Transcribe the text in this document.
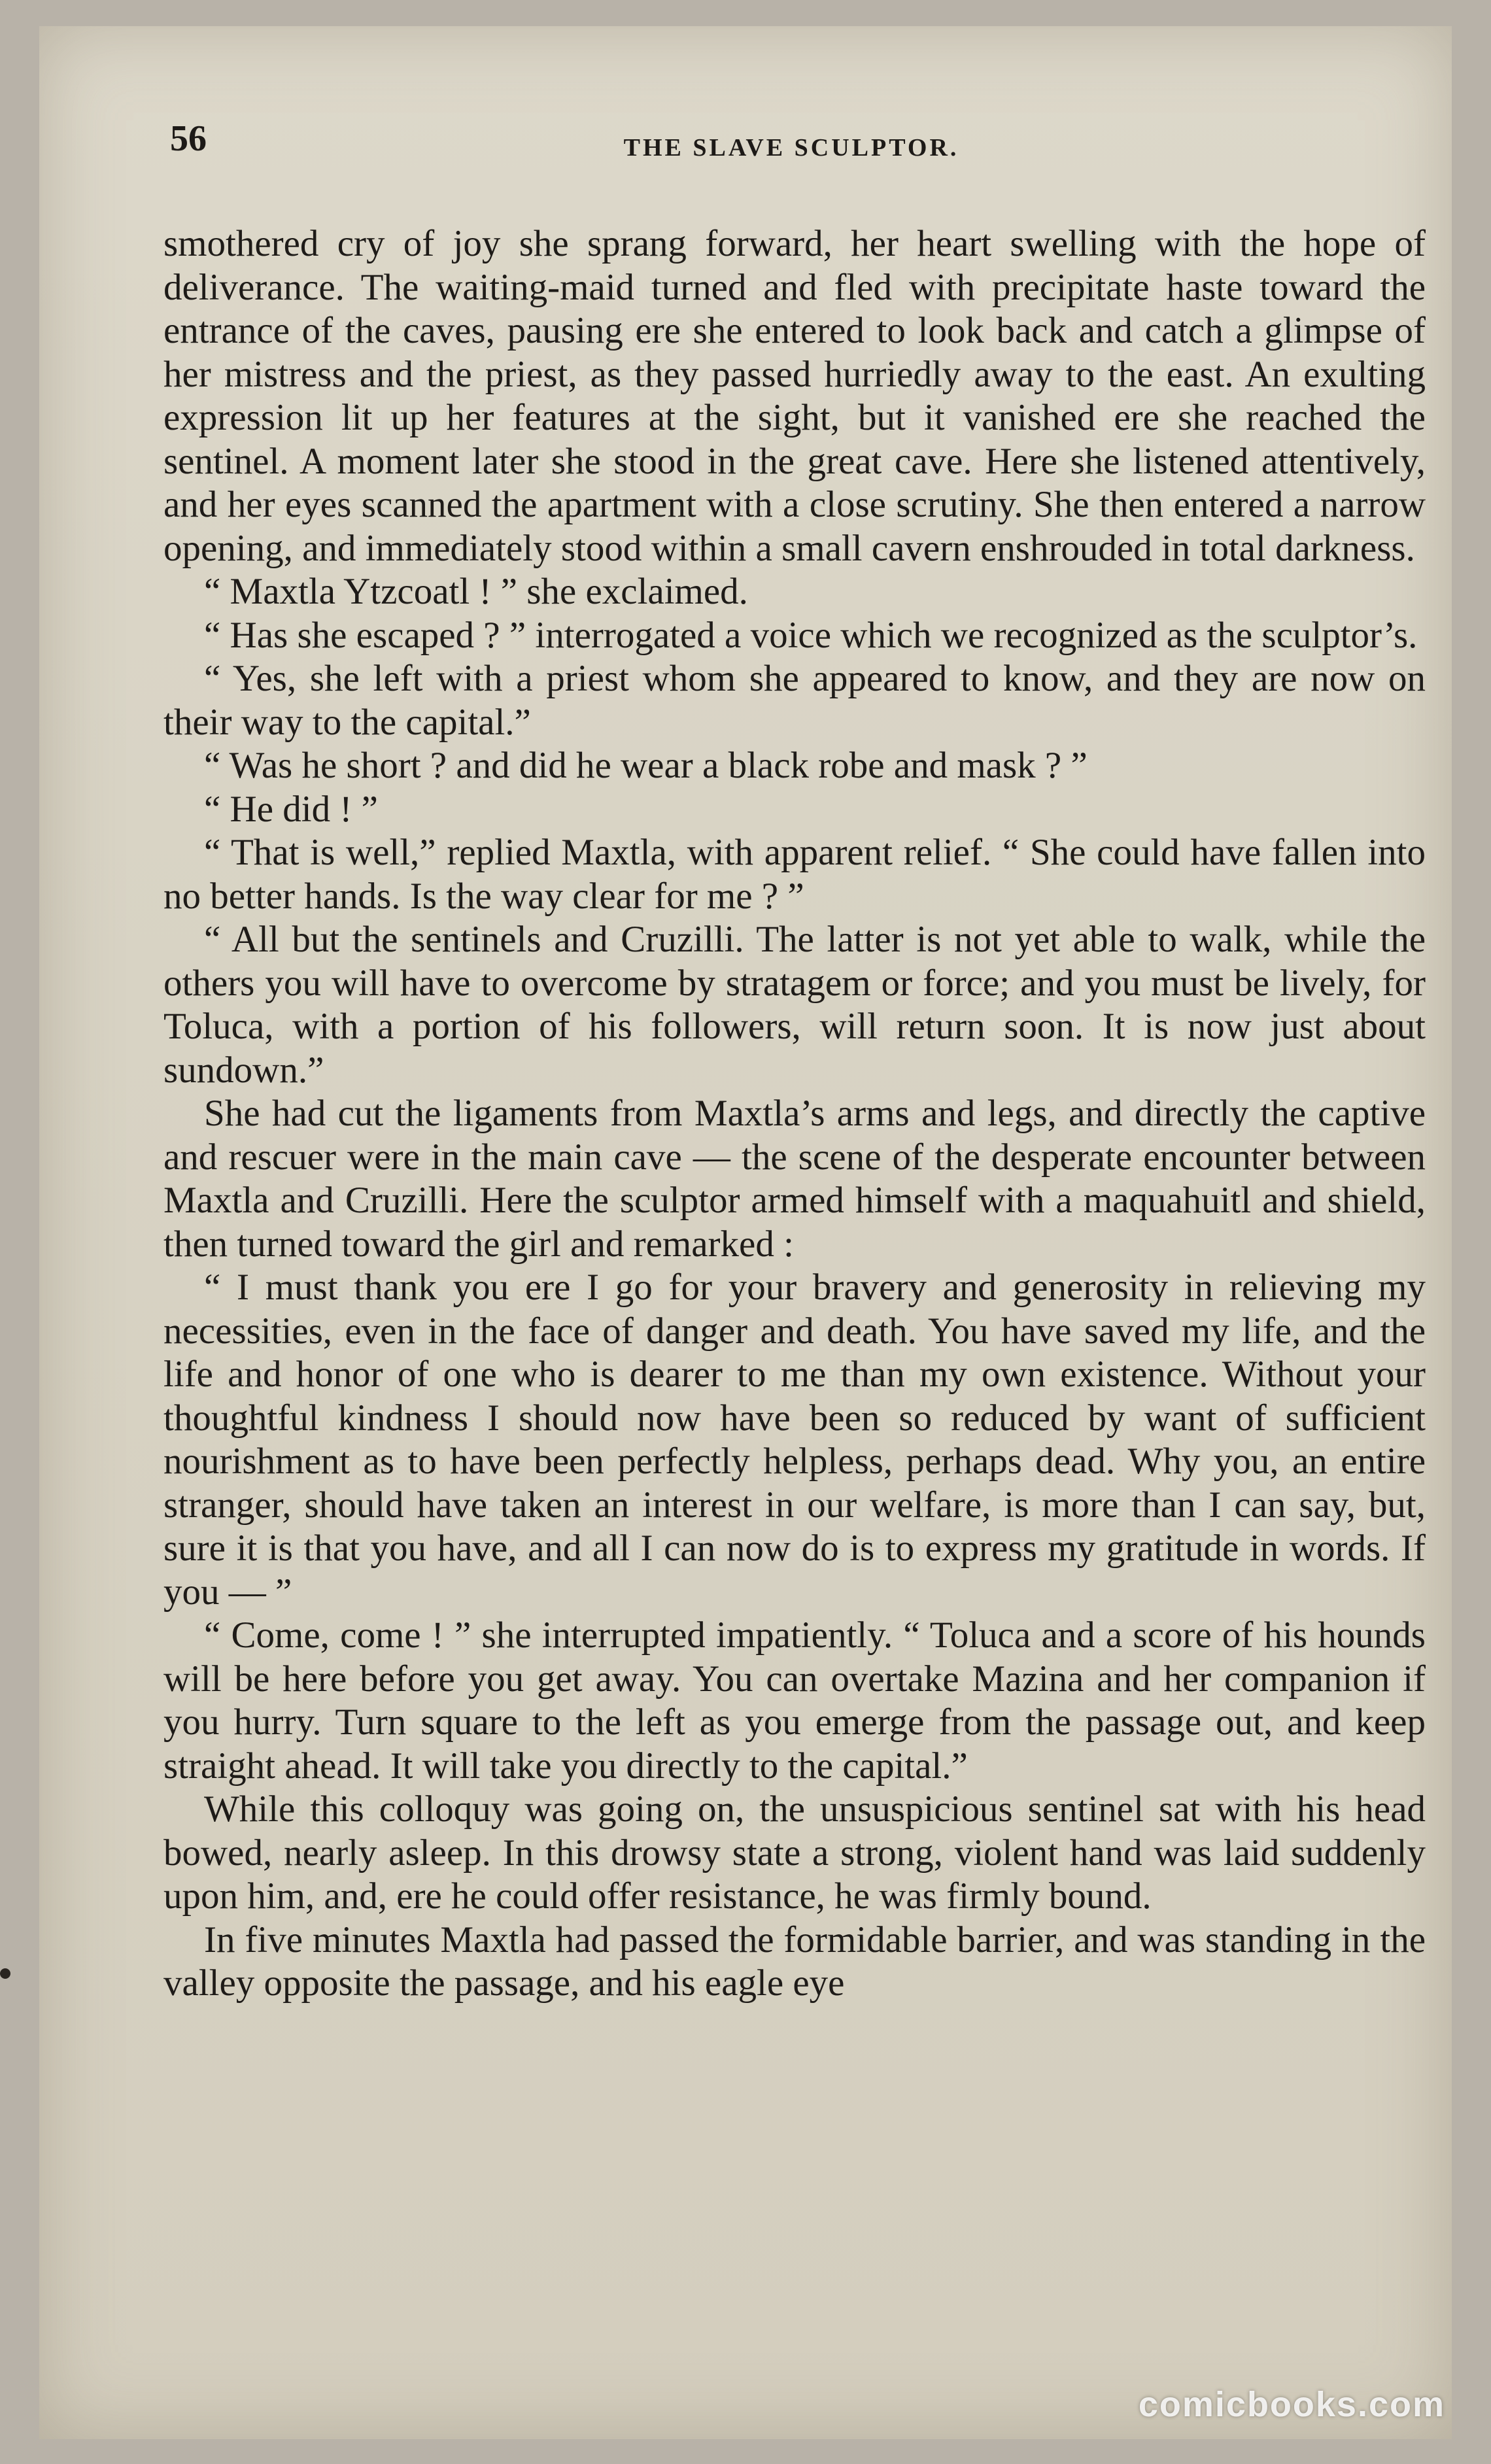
56	THE SLAVE SCULPTOR.

smothered cry of joy she sprang forward, her heart swelling with the hope of deliverance. The waiting-maid turned and fled with precipitate haste toward the entrance of the caves, pausing ere she entered to look back and catch a glimpse of her mistress and the priest, as they passed hurriedly away to the east. An exulting expression lit up her features at the sight, but it vanished ere she reached the sentinel. A moment later she stood in the great cave. Here she listened attentively, and her eyes scanned the apartment with a close scrutiny. She then entered a narrow opening, and immediately stood within a small cavern enshrouded in total darkness.

“ Maxtla Ytzcoatl ! ” she exclaimed.

“ Has she escaped ? ” interrogated a voice which we recognized as the sculptor’s.

“ Yes, she left with a priest whom she appeared to know, and they are now on their way to the capital.”

“ Was he short ? and did he wear a black robe and mask ? ”

“ He did ! ”

“ That is well,” replied Maxtla, with apparent relief. “ She could have fallen into no better hands. Is the way clear for me ? ”

“ All but the sentinels and Cruzilli. The latter is not yet able to walk, while the others you will have to overcome by stratagem or force; and you must be lively, for Toluca, with a portion of his followers, will return soon. It is now just about sundown.”

She had cut the ligaments from Maxtla’s arms and legs, and directly the captive and rescuer were in the main cave — the scene of the desperate encounter between Maxtla and Cruzilli. Here the sculptor armed himself with a maquahuitl and shield, then turned toward the girl and remarked :

“ I must thank you ere I go for your bravery and generosity in relieving my necessities, even in the face of danger and death. You have saved my life, and the life and honor of one who is dearer to me than my own existence. Without your thoughtful kindness I should now have been so reduced by want of sufficient nourishment as to have been perfectly helpless, perhaps dead. Why you, an entire stranger, should have taken an interest in our welfare, is more than I can say, but, sure it is that you have, and all I can now do is to express my gratitude in words. If you — ”

“ Come, come ! ” she interrupted impatiently. “ Toluca and a score of his hounds will be here before you get away. You can overtake Mazina and her companion if you hurry. Turn square to the left as you emerge from the passage out, and keep straight ahead. It will take you directly to the capital.”

While this colloquy was going on, the unsuspicious sentinel sat with his head bowed, nearly asleep. In this drowsy state a strong, violent hand was laid suddenly upon him, and, ere he could offer resistance, he was firmly bound.

In five minutes Maxtla had passed the formidable barrier, and was standing in the valley opposite the passage, and his eagle eye

comicbooks.com
